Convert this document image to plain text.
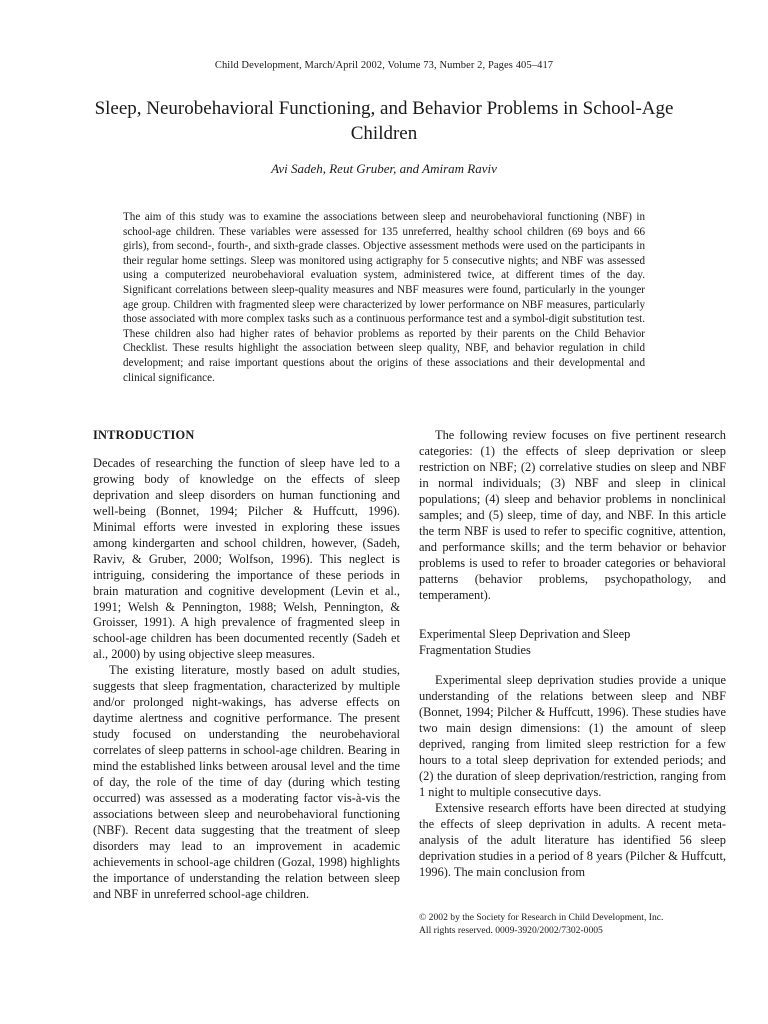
Child Development, March/April 2002, Volume 73, Number 2, Pages 405–417
Sleep, Neurobehavioral Functioning, and Behavior Problems in School-Age Children
Avi Sadeh, Reut Gruber, and Amiram Raviv

The aim of this study was to examine the associations between sleep and neurobehavioral functioning (NBF) in school-age children. These variables were assessed for 135 unreferred, healthy school children (69 boys and 66 girls), from second-, fourth-, and sixth-grade classes. Objective assessment methods were used on the participants in their regular home settings. Sleep was monitored using actigraphy for 5 consecutive nights; and NBF was assessed using a computerized neurobehavioral evaluation system, administered twice, at different times of the day. Significant correlations between sleep-quality measures and NBF measures were found, particularly in the younger age group. Children with fragmented sleep were characterized by lower performance on NBF measures, particularly those associated with more complex tasks such as a continuous performance test and a symbol-digit substitution test. These children also had higher rates of behavior problems as reported by their parents on the Child Behavior Checklist. These results highlight the association between sleep quality, NBF, and behavior regulation in child development; and raise important questions about the origins of these associations and their developmental and clinical significance.

INTRODUCTION

Decades of researching the function of sleep have led to a growing body of knowledge on the effects of sleep deprivation and sleep disorders on human functioning and well-being (Bonnet, 1994; Pilcher & Huffcutt, 1996). Minimal efforts were invested in exploring these issues among kindergarten and school children, however, (Sadeh, Raviv, & Gruber, 2000; Wolfson, 1996). This neglect is intriguing, considering the importance of these periods in brain maturation and cognitive development (Levin et al., 1991; Welsh & Pennington, 1988; Welsh, Pennington, & Groisser, 1991). A high prevalence of fragmented sleep in school-age children has been documented recently (Sadeh et al., 2000) by using objective sleep measures.

The existing literature, mostly based on adult studies, suggests that sleep fragmentation, characterized by multiple and/or prolonged night-wakings, has adverse effects on daytime alertness and cognitive performance. The present study focused on understanding the neurobehavioral correlates of sleep patterns in school-age children. Bearing in mind the established links between arousal level and the time of day, the role of the time of day (during which testing occurred) was assessed as a moderating factor vis-à-vis the associations between sleep and neurobehavioral functioning (NBF). Recent data suggesting that the treatment of sleep disorders may lead to an improvement in academic achievements in school-age children (Gozal, 1998) highlights the importance of understanding the relation between sleep and NBF in unreferred school-age children.

The following review focuses on five pertinent research categories: (1) the effects of sleep deprivation or sleep restriction on NBF; (2) correlative studies on sleep and NBF in normal individuals; (3) NBF and sleep in clinical populations; (4) sleep and behavior problems in nonclinical samples; and (5) sleep, time of day, and NBF. In this article the term NBF is used to refer to specific cognitive, attention, and performance skills; and the term behavior or behavior problems is used to refer to broader categories or behavioral patterns (behavior problems, psychopathology, and temperament).

Experimental Sleep Deprivation and Sleep
Fragmentation Studies

Experimental sleep deprivation studies provide a unique understanding of the relations between sleep and NBF (Bonnet, 1994; Pilcher & Huffcutt, 1996). These studies have two main design dimensions: (1) the amount of sleep deprived, ranging from limited sleep restriction for a few hours to a total sleep deprivation for extended periods; and (2) the duration of sleep deprivation/restriction, ranging from 1 night to multiple consecutive days.

Extensive research efforts have been directed at studying the effects of sleep deprivation in adults. A recent meta-analysis of the adult literature has identified 56 sleep deprivation studies in a period of 8 years (Pilcher & Huffcutt, 1996). The main conclusion from

© 2002 by the Society for Research in Child Development, Inc.
All rights reserved. 0009-3920/2002/7302-0005
